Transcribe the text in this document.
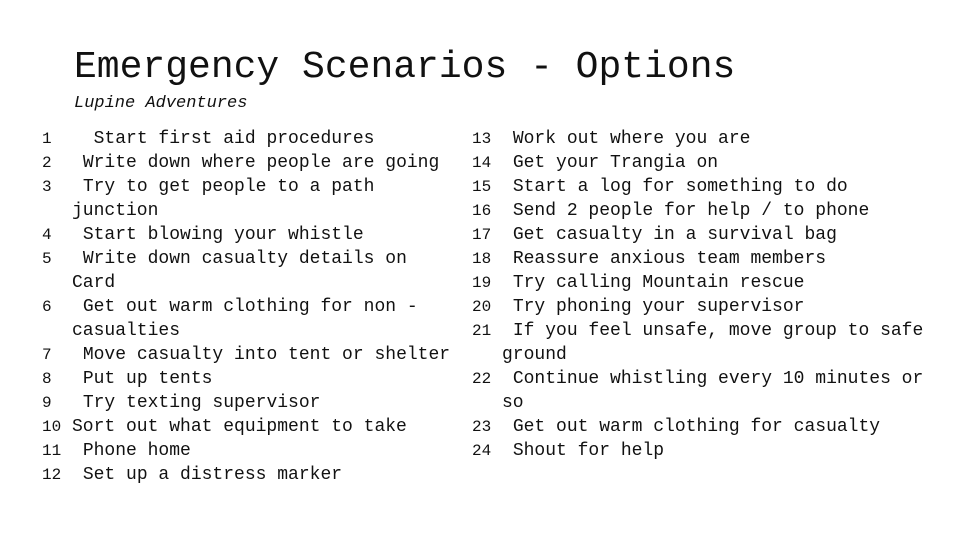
Emergency Scenarios - Options
Lupine Adventures
1 Start first aid procedures
2 Write down where people are going
3 Try to get people to a path junction
4 Start blowing your whistle
5 Write down casualty details on Card
6 Get out warm clothing for non -casualties
7 Move casualty into tent or shelter
8 Put up tents
9 Try texting supervisor
10 Sort out what equipment to take
11 Phone home
12 Set up a distress marker
13 Work out where you are
14 Get your Trangia on
15 Start a log for something to do
16 Send 2 people for help / to phone
17 Get casualty in a survival bag
18 Reassure anxious team members
19 Try calling Mountain rescue
20 Try phoning your supervisor
21 If you feel unsafe, move group to safe ground
22 Continue whistling every 10 minutes or so
23 Get out warm clothing for casualty
24 Shout for help
